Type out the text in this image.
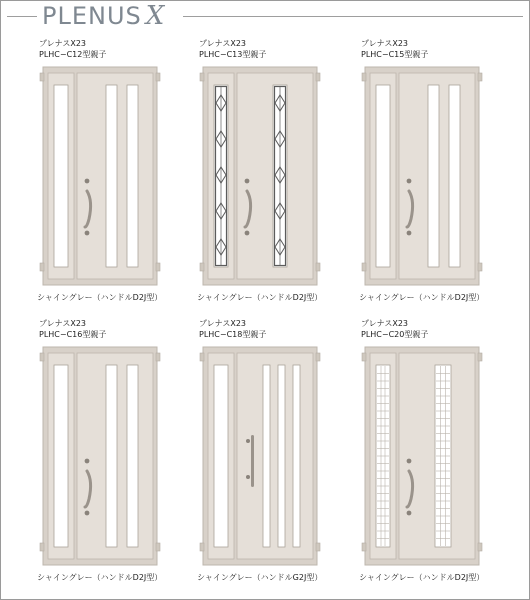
PLENUS X
プレナスX23
PLHC−C12型親子
シャイングレー（ハンドルD2J型）
プレナスX23
PLHC−C13型親子
シャイングレー（ハンドルD2J型）
プレナスX23
PLHC−C15型親子
シャイングレー（ハンドルD2J型）
プレナスX23
PLHC−C16型親子
シャイングレー（ハンドルD2J型）
プレナスX23
PLHC−C18型親子
シャイングレー（ハンドルG2J型）
プレナスX23
PLHC−C20型親子
シャイングレー（ハンドルD2J型）
